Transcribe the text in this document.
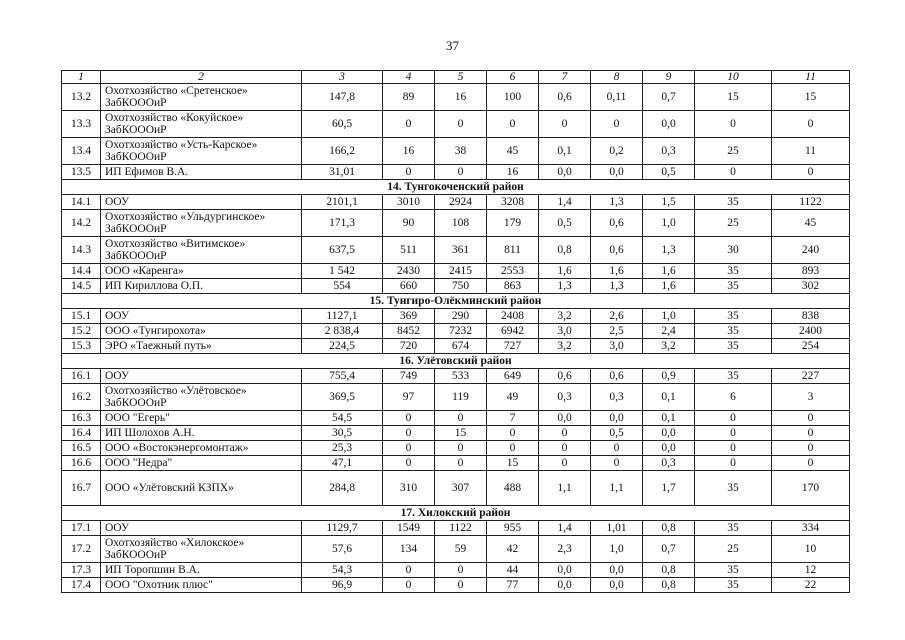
37
1	2	3	4	5	6	7	8	9	10	11
13.2	Охотхозяйство «Сретенское» ЗабКОООиР	147,8	89	16	100	0,6	0,11	0,7	15	15
13.3	Охотхозяйство «Кокуйское» ЗабКОООиР	60,5	0	0	0	0	0	0,0	0	0
13.4	Охотхозяйство «Усть-Карское» ЗабКОООиР	166,2	16	38	45	0,1	0,2	0,3	25	11
13.5	ИП Ефимов В.А.	31,01	0	0	16	0,0	0,0	0,5	0	0
14. Тунгокоченский район										
14.1	ООУ	2101,1	3010	2924	3208	1,4	1,3	1,5	35	1122
14.2	Охотхозяйство «Ульдургинское» ЗабКОООиР	171,3	90	108	179	0,5	0,6	1,0	25	45
14.3	Охотхозяйство «Витимское» ЗабКОООиР	637,5	511	361	811	0,8	0,6	1,3	30	240
14.4	ООО «Каренга»	1 542	2430	2415	2553	1,6	1,6	1,6	35	893
14.5	ИП Кириллова О.П.	554	660	750	863	1,3	1,3	1,6	35	302
15. Тунгиро-Олёкминский район										
15.1	ООУ	1127,1	369	290	2408	3,2	2,6	1,0	35	838
15.2	ООО «Тунгирохота»	2 838,4	8452	7232	6942	3,0	2,5	2,4	35	2400
15.3	ЭРО «Таежный путь»	224,5	720	674	727	3,2	3,0	3,2	35	254
16. Улётовский район										
16.1	ООУ	755,4	749	533	649	0,6	0,6	0,9	35	227
16.2	Охотхозяйство «Улётовское» ЗабКОООиР	369,5	97	119	49	0,3	0,3	0,1	6	3
16.3	ООО "Егерь"	54,5	0	0	7	0,0	0,0	0,1	0	0
16.4	ИП Шолохов А.Н.	30,5	0	15	0	0	0,5	0,0	0	0
16.5	ООО «Востокэнергомонтаж»	25,3	0	0	0	0	0	0,0	0	0
16.6	ООО "Недра"	47,1	0	0	15	0	0	0,3	0	0
16.7	ООО «Улётовский КЗПХ»	284,8	310	307	488	1,1	1,1	1,7	35	170
17. Хилокский район										
17.1	ООУ	1129,7	1549	1122	955	1,4	1,01	0,8	35	334
17.2	Охотхозяйство «Хилокское» ЗабКОООиР	57,6	134	59	42	2,3	1,0	0,7	25	10
17.3	ИП Торопшин В.А.	54,3	0	0	44	0,0	0,0	0,8	35	12
17.4	ООО "Охотник плюс"	96,9	0	0	77	0,0	0,0	0,8	35	22
